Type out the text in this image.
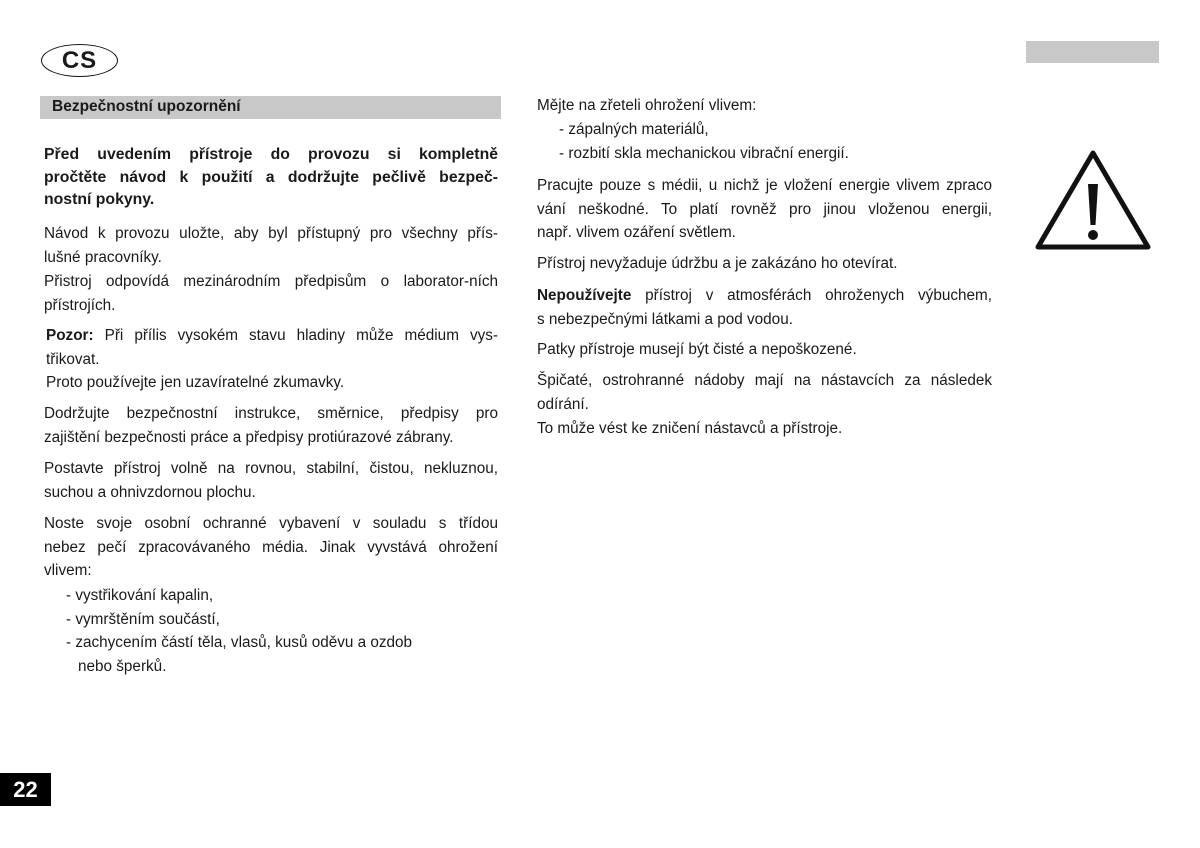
CS
Bezpečnostní upozornění
Před uvedením přístroje do provozu si kompletně
pročtěte návod k použití a dodržujte pečlivě bezpeč-
nostní pokyny.
Návod k provozu uložte, aby byl přístupný pro všechny přís-
lušné pracovníky.
Přistroj odpovídá mezinárodním předpisům o laborator-ních
přístrojích.
Pozor: Při přílis vysokém stavu hladiny může médium vys-
třikovat.
Proto používejte jen uzavíratelné zkumavky.
Dodržujte bezpečnostní instrukce, směrnice, předpisy pro
zajištění bezpečnosti práce a předpisy protiúrazové zábrany.
Postavte přístroj volně na rovnou, stabilní, čistou, nekluznou,
suchou a ohnivzdornou plochu.
Noste svoje osobní ochranné vybavení v souladu s třídou
nebez pečí zpracovávaného média. Jinak vyvstává ohrožení
vlivem:
- vystřikování kapalin,
- vymrštěním součástí,
- zachycením částí těla, vlasů, kusů oděvu a ozdob
nebo šperků.
Mějte na zřeteli ohrožení vlivem:
- zápalných materiálů,
- rozbití skla mechanickou vibrační energií.
Pracujte pouze s médii, u nichž je vložení energie vlivem zpraco
vání neškodné. To platí rovněž pro jinou vloženou energii,
např. vlivem ozáření světlem.
Přístroj nevyžaduje údržbu a je zakázáno ho otevírat.
Nepoužívejte přístroj v atmosférách ohroženych výbuchem,
s nebezpečnými látkami a pod vodou.
Patky přístroje musejí být čisté a nepoškozené.
Špičaté, ostrohranné nádoby mají na nástavcích za následek
odírání.
To může vést ke zničení nástavců a přístroje.
22
